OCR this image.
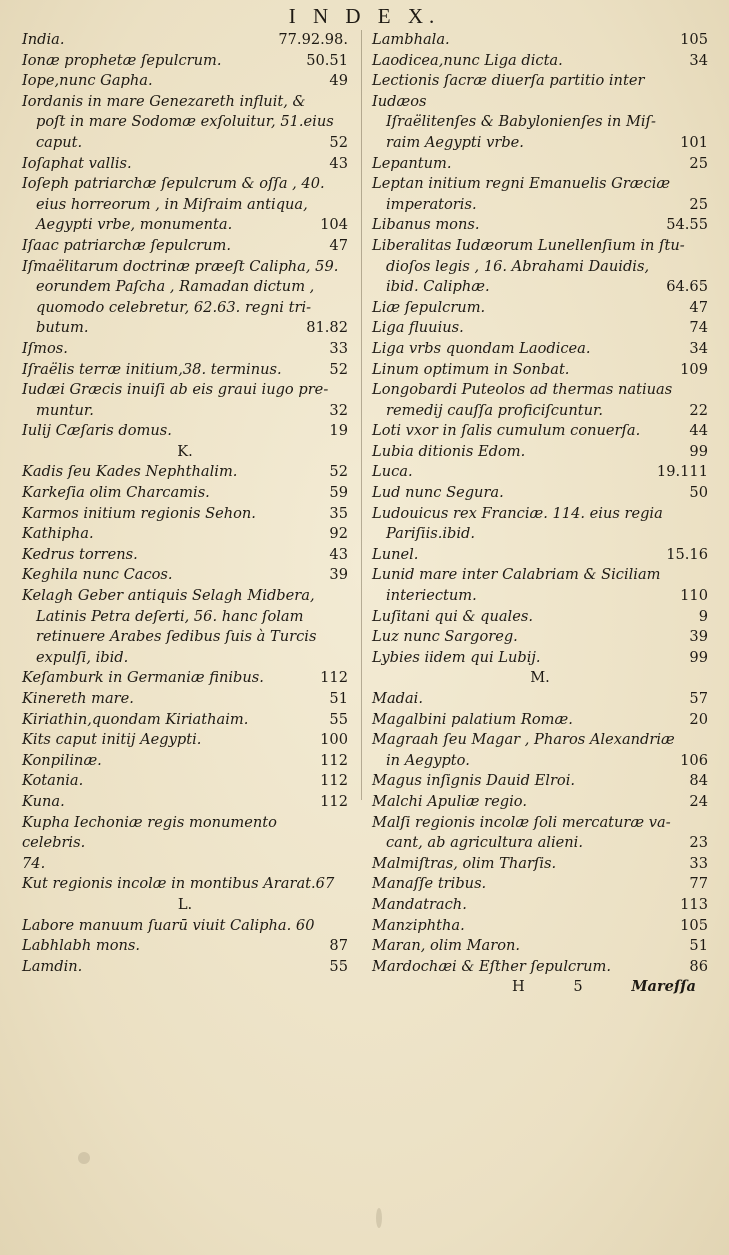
I N D E X.
India.	77.92.98.
Ionæ prophetæ ſepulcrum.	50.51
Iope,nunc Gapha.	49
Iordanis in mare Genezareth influit, &
poſt in mare Sodomæ exſoluitur, 51.eius
caput.	52
Ioſaphat vallis.	43
Ioſeph patriarchæ ſepulcrum & oſſa , 40.
eius horreorum , in Miſraim antiqua,
Aegypti vrbe, monumenta.	104
Iſaac patriarchæ ſepulcrum.	47
Iſmaëlitarum doctrinæ præeſt Calipha, 59.
eorundem Paſcha , Ramadan dictum ,
quomodo celebretur, 62.63. regni tri-
butum.	81.82
Iſmos.	33
Iſraëlis terræ initium,38. terminus.	52
Iudæi Græcis inuiſi ab eis graui iugo pre-
muntur.	32
Iulij Cæſaris domus.	19
K.
Kadis ſeu Kades Nephthalim.	52
Karkeſia olim Charcamis.	59
Karmos initium regionis Sehon.	35
Kathipha.	92
Kedrus torrens.	43
Keghila nunc Cacos.	39
Kelagh Geber antiquis Selagh Midbera,
Latinis Petra deſerti, 56. hanc ſolam
retinuere Arabes ſedibus ſuis à Turcis
expulſi, ibid.
Keſamburk in Germaniæ finibus.	112
Kinereth mare.	51
Kiriathin,quondam Kiriathaim.	55
Kits caput initij Aegypti.	100
Konpilinæ.	112
Kotania.	112
Kuna.	112
Kupha Iechoniæ regis monumento celebris.
74.
Kut regionis incolæ in montibus Ararat.67
L.
Labore manuum ſuarū viuit Calipha. 60
Labhlabh mons.	87
Lamdin.	55
Lambhala.	105
Laodicea,nunc Liga dicta.	34
Lectionis ſacræ diuerſa partitio inter Iudæos
Iſraëlitenſes & Babylonienſes in Miſ-
raim Aegypti vrbe.	101
Lepantum.	25
Leptan initium regni Emanuelis Græciæ
imperatoris.	25
Libanus mons.	54.55
Liberalitas Iudæorum Lunellenſium in ſtu-
dioſos legis , 16. Abrahami Dauidis,
ibid. Caliphæ.	64.65
Liæ ſepulcrum.	47
Liga fluuius.	74
Liga vrbs quondam Laodicea.	34
Linum optimum in Sonbat.	109
Longobardi Puteolos ad thermas natiuas
remedij cauſſa proficiſcuntur.	22
Loti vxor in ſalis cumulum conuerſa.	44
Lubia ditionis Edom.	99
Luca.	19.111
Lud nunc Segura.	50
Ludouicus rex Franciæ. 114. eius regia
Pariſiis.ibid.
Lunel.	15.16
Lunid mare inter Calabriam & Siciliam
interiectum.	110
Luſitani qui & quales.	9
Luz nunc Sargoreg.	39
Lybies iidem qui Lubij.	99
M.
Madai.	57
Magalbini palatium Romæ.	20
Magraah ſeu Magar , Pharos Alexandriæ
in Aegypto.	106
Magus inſignis Dauid Elroi.	84
Malchi Apuliæ regio.	24
Malſi regionis incolæ ſoli mercaturæ va-
cant, ab agricultura alieni.	23
Malmiſtras, olim Tharſis.	33
Manaſſe tribus.	77
Mandatrach.	113
Manziphtha.	105
Maran, olim Maron.	51
Mardochæi & Eſther ſepulcrum.	86
H	5	Mareſſa
